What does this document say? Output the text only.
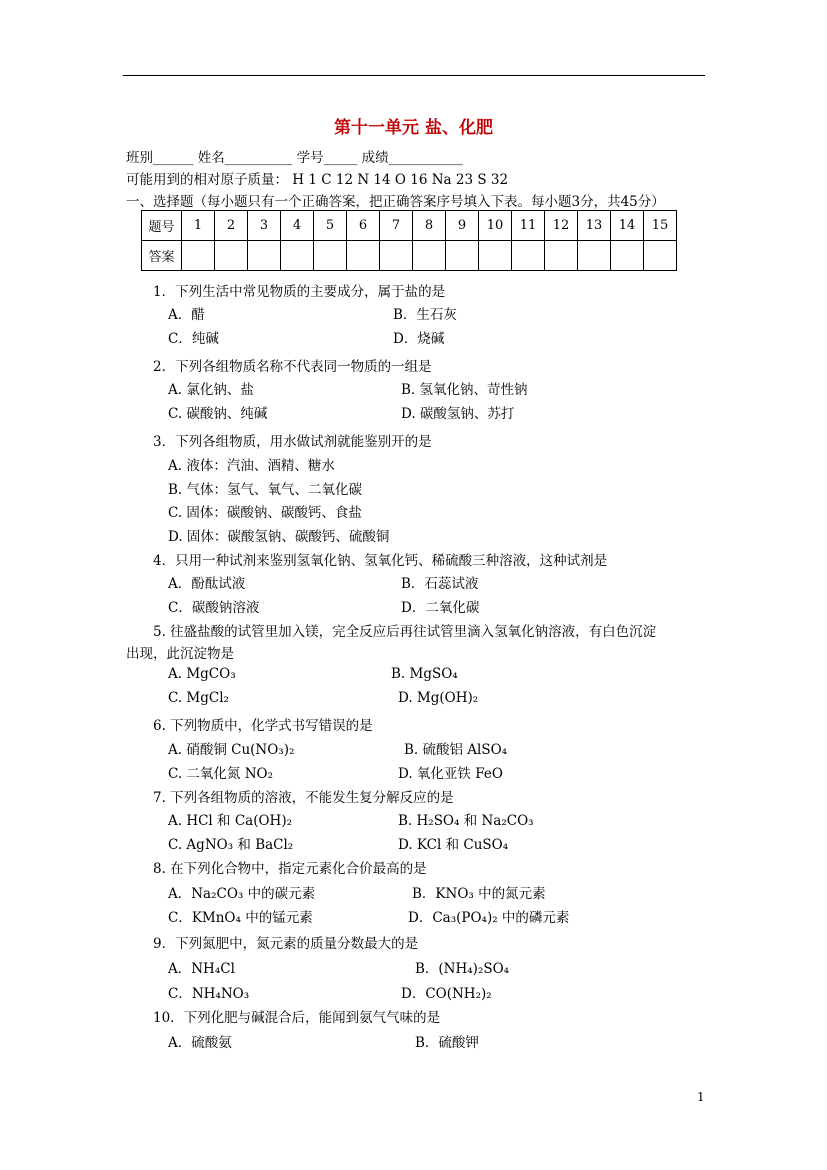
第十一单元 盐、化肥
班别______ 姓名__________ 学号_____ 成绩___________
可能用到的相对原子质量： H 1 C 12 N 14 O 16 Na 23 S 32
一、选择题（每小题只有一个正确答案，把正确答案序号填入下表。每小题3分，共45分）
题号	1	2	3	4	5	6	7	8	9	10	11	12	13	14	15
答案															
1．下列生活中常见物质的主要成分，属于盐的是
A．醋	B．生石灰
C．纯碱	D．烧碱
2．下列各组物质名称不代表同一物质的一组是
A. 氯化钠、盐	B. 氢氧化钠、苛性钠
C. 碳酸钠、纯碱	D. 碳酸氢钠、苏打
3．下列各组物质，用水做试剂就能鉴别开的是
A. 液体：汽油、酒精、糖水
B. 气体：氢气、氧气、二氧化碳
C. 固体：碳酸钠、碳酸钙、食盐
D. 固体：碳酸氢钠、碳酸钙、硫酸铜
4．只用一种试剂来鉴别氢氧化钠、氢氧化钙、稀硫酸三种溶液，这种试剂是
A．酚酞试液	B．石蕊试液
C．碳酸钠溶液	D．二氧化碳
5. 往盛盐酸的试管里加入镁，完全反应后再往试管里滴入氢氧化钠溶液，有白色沉淀
出现，此沉淀物是
A. MgCO₃	B. MgSO₄
C. MgCl₂	D. Mg(OH)₂
6. 下列物质中，化学式书写错误的是
A. 硝酸铜 Cu(NO₃)₂	B. 硫酸铝 AlSO₄
C. 二氧化氮 NO₂	D. 氧化亚铁 FeO
7. 下列各组物质的溶液，不能发生复分解反应的是
A. HCl 和 Ca(OH)₂	B. H₂SO₄ 和 Na₂CO₃
C. AgNO₃ 和 BaCl₂	D. KCl 和 CuSO₄
8. 在下列化合物中，指定元素化合价最高的是
A．Na₂CO₃ 中的碳元素	B．KNO₃ 中的氮元素
C．KMnO₄ 中的锰元素	D．Ca₃(PO₄)₂ 中的磷元素
9．下列氮肥中，氮元素的质量分数最大的是
A．NH₄Cl	B．(NH₄)₂SO₄
C．NH₄NO₃	D．CO(NH₂)₂
10．下列化肥与碱混合后，能闻到氨气气味的是
A．硫酸氨	B．硫酸钾
1
